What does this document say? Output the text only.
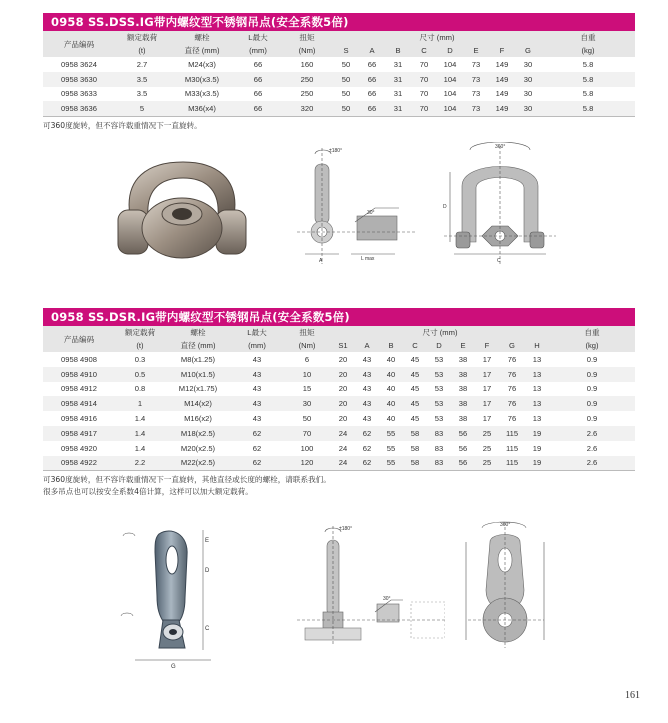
0958 SS.DSS.IG带内螺纹型不锈钢吊点(安全系数5倍)
产品编码	额定载荷	螺栓	L最大	扭矩	尺寸 (mm)								自重
	(t)	直径 (mm)	(mm)	(Nm)	S	A	B	C	D	E	F	G	(kg)
0958 3624	2.7	M24(x3)	66	160	50	66	31	70	104	73	149	30	5.8
0958 3630	3.5	M30(x3.5)	66	250	50	66	31	70	104	73	149	30	5.8
0958 3633	3.5	M33(x3.5)	66	250	50	66	31	70	104	73	149	30	5.8
0958 3636	5	M36(x4)	66	320	50	66	31	70	104	73	149	30	5.8
可360度旋转，但不容许载重情况下一直旋转。
±180°
30°
L max
A
360°
C
D
0958 SS.DSR.IG带内螺纹型不锈钢吊点(安全系数5倍)
产品编码	额定载荷	螺栓	L最大	扭矩	尺寸 (mm)									自重
	(t)	直径 (mm)	(mm)	(Nm)	S1	A	B	C	D	E	F	G	H	(kg)
0958 4908	0.3	M8(x1.25)	43	6	20	43	40	45	53	38	17	76	13	0.9
0958 4910	0.5	M10(x1.5)	43	10	20	43	40	45	53	38	17	76	13	0.9
0958 4912	0.8	M12(x1.75)	43	15	20	43	40	45	53	38	17	76	13	0.9
0958 4914	1	M14(x2)	43	30	20	43	40	45	53	38	17	76	13	0.9
0958 4916	1.4	M16(x2)	43	50	20	43	40	45	53	38	17	76	13	0.9
0958 4917	1.4	M18(x2.5)	62	70	24	62	55	58	83	56	25	115	19	2.6
0958 4920	1.4	M20(x2.5)	62	100	24	62	55	58	83	56	25	115	19	2.6
0958 4922	2.2	M22(x2.5)	62	120	24	62	55	58	83	56	25	115	19	2.6
可360度旋转，但不容许载重情况下一直旋转，其他直径或长度的螺栓，请联系我们。
很多吊点也可以按安全系数4倍计算，这样可以加大额定载荷。
E
D
C
G
±180°
30°
360°
161
